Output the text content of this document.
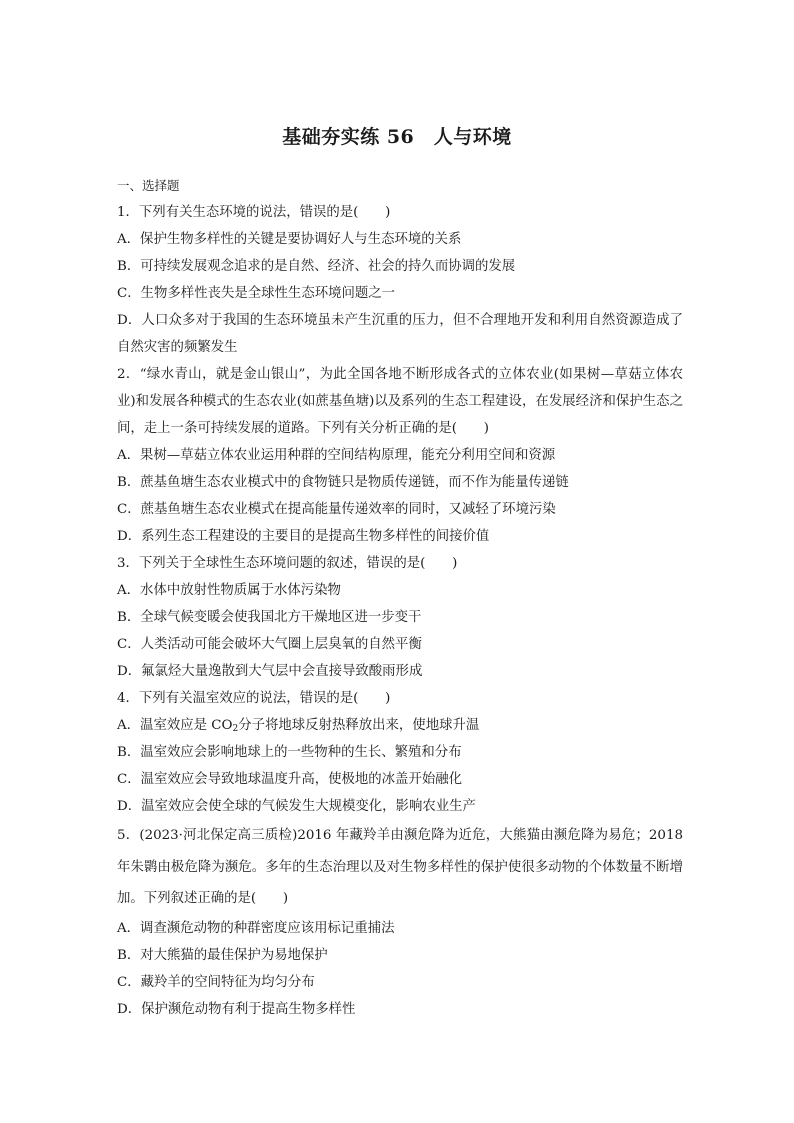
基础夯实练 56　人与环境
一、选择题
1．下列有关生态环境的说法，错误的是(　　)
A．保护生物多样性的关键是要协调好人与生态环境的关系
B．可持续发展观念追求的是自然、经济、社会的持久而协调的发展
C．生物多样性丧失是全球性生态环境问题之一
D．人口众多对于我国的生态环境虽未产生沉重的压力，但不合理地开发和利用自然资源造成了自然灾害的频繁发生
2．“绿水青山，就是金山银山”，为此全国各地不断形成各式的立体农业(如果树—草菇立体农业)和发展各种模式的生态农业(如蔗基鱼塘)以及系列的生态工程建设，在发展经济和保护生态之间，走上一条可持续发展的道路。下列有关分析正确的是(　　)
A．果树—草菇立体农业运用种群的空间结构原理，能充分利用空间和资源
B．蔗基鱼塘生态农业模式中的食物链只是物质传递链，而不作为能量传递链
C．蔗基鱼塘生态农业模式在提高能量传递效率的同时，又减轻了环境污染
D．系列生态工程建设的主要目的是提高生物多样性的间接价值
3．下列关于全球性生态环境问题的叙述，错误的是(　　)
A．水体中放射性物质属于水体污染物
B．全球气候变暖会使我国北方干燥地区进一步变干
C．人类活动可能会破坏大气圈上层臭氧的自然平衡
D．氟氯烃大量逸散到大气层中会直接导致酸雨形成
4．下列有关温室效应的说法，错误的是(　　)
A．温室效应是 $CO_2$分子将地球反射热释放出来，使地球升温
B．温室效应会影响地球上的一些物种的生长、繁殖和分布
C．温室效应会导致地球温度升高，使极地的冰盖开始融化
D．温室效应会使全球的气候发生大规模变化，影响农业生产
5．(2023·河北保定高三质检)2016 年藏羚羊由濒危降为近危，大熊猫由濒危降为易危；2018 年朱鹮由极危降为濒危。多年的生态治理以及对生物多样性的保护使很多动物的个体数量不断增加。下列叙述正确的是(　　)
A．调查濒危动物的种群密度应该用标记重捕法
B．对大熊猫的最佳保护为易地保护
C．藏羚羊的空间特征为均匀分布
D．保护濒危动物有利于提高生物多样性
